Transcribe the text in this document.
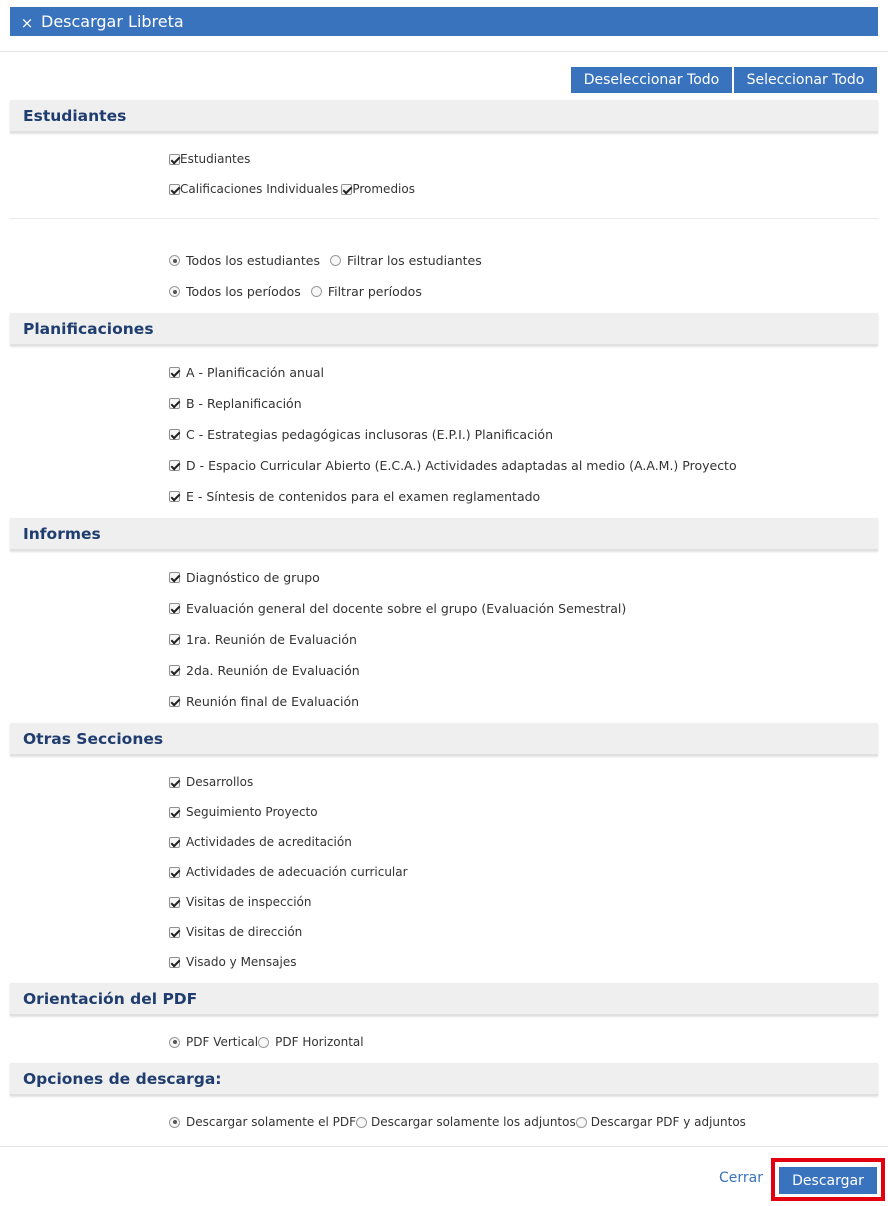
× Descargar Libreta
Deseleccionar Todo	Seleccionar Todo
Estudiantes
Estudiantes
Calificaciones Individuales Promedios
Todos los estudiantes Filtrar los estudiantes
Todos los períodos Filtrar períodos
Planificaciones
A - Planificación anual
B - Replanificación
C - Estrategias pedagógicas inclusoras (E.P.I.) Planificación
D - Espacio Curricular Abierto (E.C.A.) Actividades adaptadas al medio (A.A.M.) Proyecto
E - Síntesis de contenidos para el examen reglamentado
Informes
Diagnóstico de grupo
Evaluación general del docente sobre el grupo (Evaluación Semestral)
1ra. Reunión de Evaluación
2da. Reunión de Evaluación
Reunión final de Evaluación
Otras Secciones
Desarrollos
Seguimiento Proyecto
Actividades de acreditación
Actividades de adecuación curricular
Visitas de inspección
Visitas de dirección
Visado y Mensajes
Orientación del PDF
PDF Vertical PDF Horizontal
Opciones de descarga:
Descargar solamente el PDF Descargar solamente los adjuntos Descargar PDF y adjuntos
Cerrar	Descargar
